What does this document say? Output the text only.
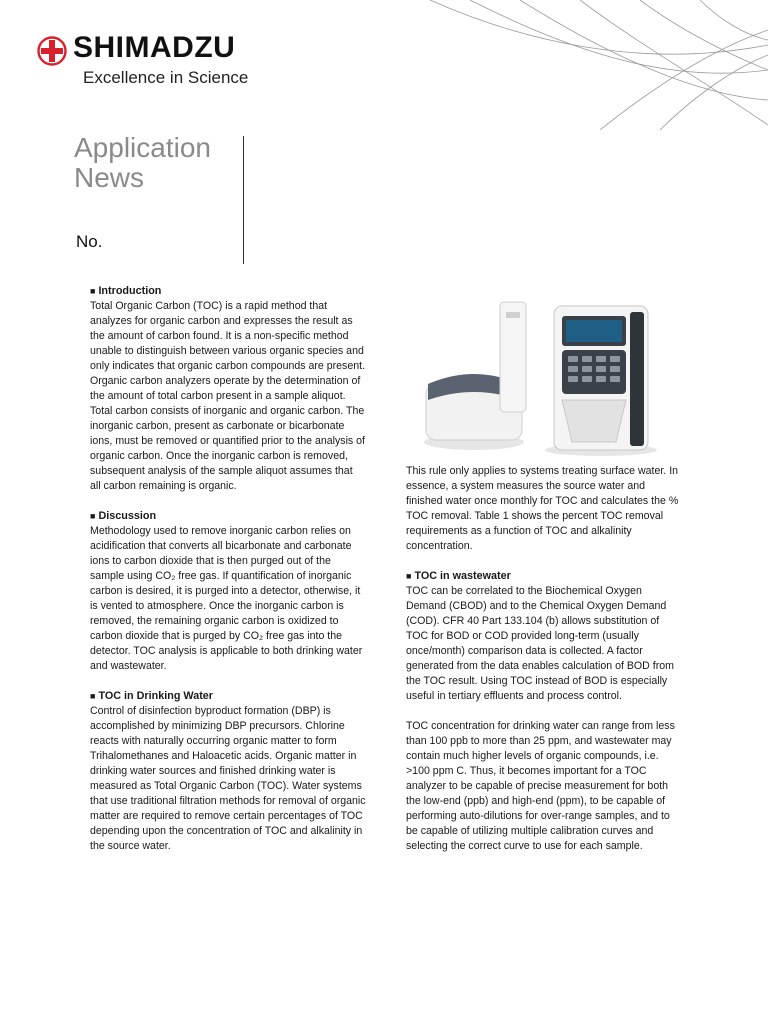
SHIMADZU
Excellence in Science
Application
News
No.
■ Introduction

Total Organic Carbon (TOC) is a rapid method that analyzes for organic carbon and expresses the result as the amount of carbon found. It is a non-specific method unable to distinguish between various organic species and only indicates that organic carbon compounds are present. Organic carbon analyzers operate by the determination of the amount of total carbon present in a sample aliquot. Total carbon consists of inorganic and organic carbon. The inorganic carbon, present as carbonate or bicarbonate ions, must be removed or quantified prior to the analysis of organic carbon. Once the inorganic carbon is removed, subsequent analysis of the sample aliquot assumes that all carbon remaining is organic.

■ Discussion

Methodology used to remove inorganic carbon relies on acidification that converts all bicarbonate and carbonate ions to carbon dioxide that is then purged out of the sample using CO₂ free gas. If quantification of inorganic carbon is desired, it is purged into a detector, otherwise, it is vented to atmosphere. Once the inorganic carbon is removed, the remaining organic carbon is oxidized to carbon dioxide that is purged by CO₂ free gas into the detector. TOC analysis is applicable to both drinking water and wastewater.

■ TOC in Drinking Water

Control of disinfection byproduct formation (DBP) is accomplished by minimizing DBP precursors. Chlorine reacts with naturally occurring organic matter to form Trihalomethanes and Haloacetic acids. Organic matter in drinking water sources and finished drinking water is measured as Total Organic Carbon (TOC). Water systems that use traditional filtration methods for removal of organic matter are required to remove certain percentages of TOC depending upon the concentration of TOC and alkalinity in the source water.

This rule only applies to systems treating surface water. In essence, a system measures the source water and finished water once monthly for TOC and calculates the % TOC removal. Table 1 shows the percent TOC removal requirements as a function of TOC and alkalinity concentration.

■ TOC in wastewater

TOC can be correlated to the Biochemical Oxygen Demand (CBOD) and to the Chemical Oxygen Demand (COD). CFR 40 Part 133.104 (b) allows substitution of TOC for BOD or COD provided long-term (usually once/month) comparison data is collected. A factor generated from the data enables calculation of BOD from the TOC result. Using TOC instead of BOD is especially useful in tertiary effluents and process control.

TOC concentration for drinking water can range from less than 100 ppb to more than 25 ppm, and wastewater may contain much higher levels of organic compounds, i.e. >100 ppm C. Thus, it becomes important for a TOC analyzer to be capable of precise measurement for both the low-end (ppb) and high-end (ppm), to be capable of performing auto-dilutions for over-range samples, and to be capable of utilizing multiple calibration curves and selecting the correct curve to use for each sample.
